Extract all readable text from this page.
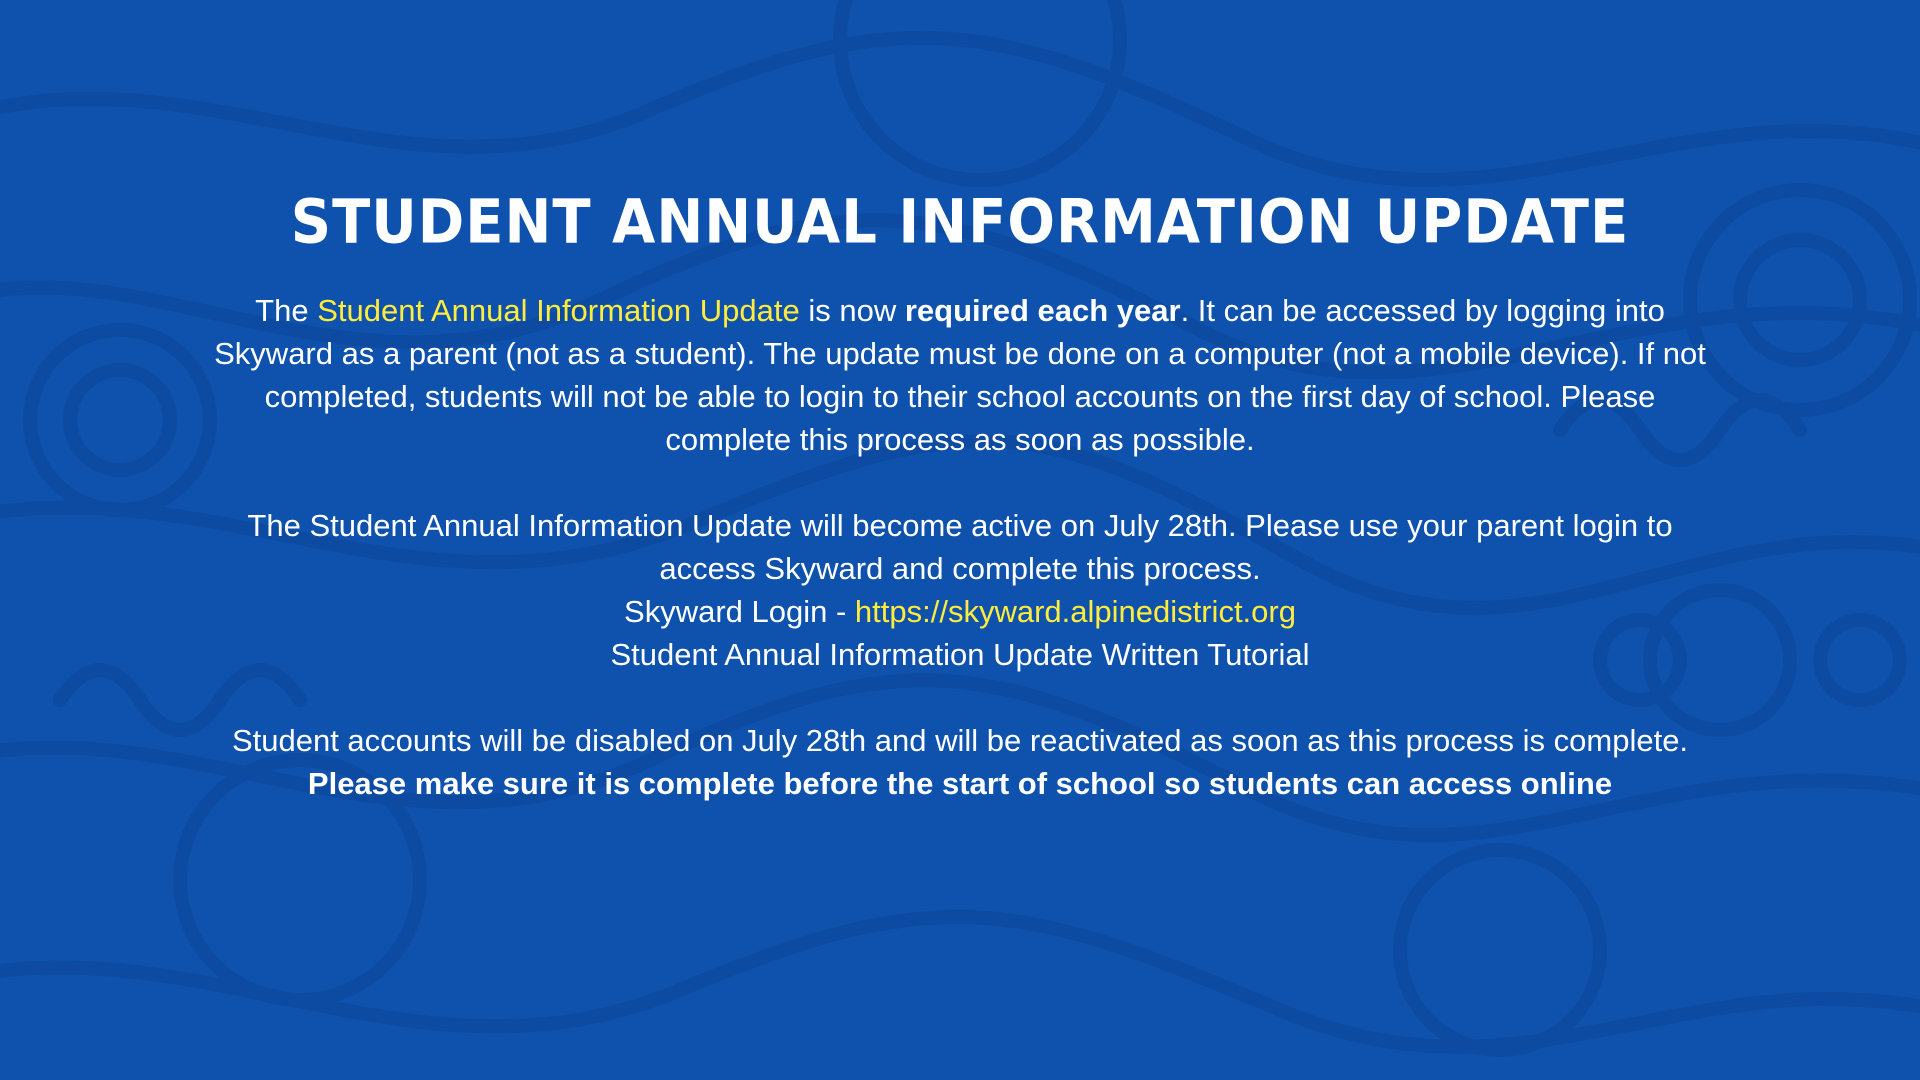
STUDENT ANNUAL INFORMATION UPDATE

The Student Annual Information Update is now required each year. It can be accessed by logging into Skyward as a parent (not as a student). The update must be done on a computer (not a mobile device). If not completed, students will not be able to login to their school accounts on the first day of school. Please complete this process as soon as possible.

The Student Annual Information Update will become active on July 28th. Please use your parent login to access Skyward and complete this process.
Skyward Login - https://skyward.alpinedistrict.org
Student Annual Information Update Written Tutorial

Student accounts will be disabled on July 28th and will be reactivated as soon as this process is complete.
Please make sure it is complete before the start of school so students can access online
